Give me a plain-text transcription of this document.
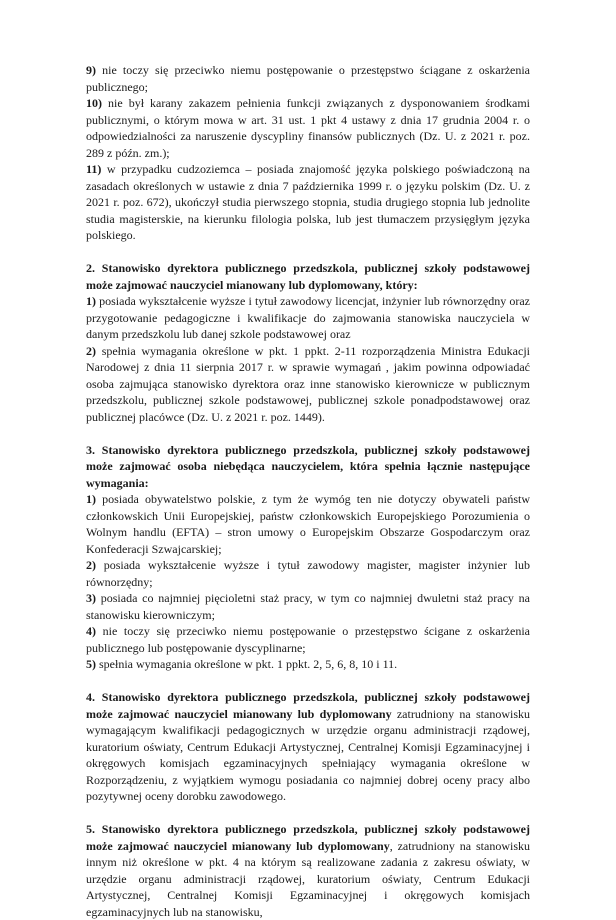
9) nie toczy się przeciwko niemu postępowanie o przestępstwo ściągane z oskarżenia publicznego;

10) nie był karany zakazem pełnienia funkcji związanych z dysponowaniem środkami publicznymi, o którym mowa w art. 31 ust. 1 pkt 4 ustawy z dnia 17 grudnia 2004 r. o odpowiedzialności za naruszenie dyscypliny finansów publicznych (Dz. U. z 2021 r. poz. 289 z późn. zm.);

11) w przypadku cudzoziemca – posiada znajomość języka polskiego poświadczoną na zasadach określonych w ustawie z dnia 7 października 1999 r. o języku polskim (Dz. U. z 2021 r. poz. 672), ukończył studia pierwszego stopnia, studia drugiego stopnia lub jednolite studia magisterskie, na kierunku filologia polska, lub jest tłumaczem przysięgłym języka polskiego.

2. Stanowisko dyrektora publicznego przedszkola, publicznej szkoły podstawowej może zajmować nauczyciel mianowany lub dyplomowany, który:

1) posiada wykształcenie wyższe i tytuł zawodowy licencjat, inżynier lub równorzędny oraz przygotowanie pedagogiczne i kwalifikacje do zajmowania stanowiska nauczyciela w danym przedszkolu lub danej szkole podstawowej oraz

2) spełnia wymagania określone w pkt. 1 ppkt. 2-11 rozporządzenia Ministra Edukacji Narodowej z dnia 11 sierpnia 2017 r. w sprawie wymagań , jakim powinna odpowiadać osoba zajmująca stanowisko dyrektora oraz inne stanowisko kierownicze w publicznym przedszkolu, publicznej szkole podstawowej, publicznej szkole ponadpodstawowej oraz publicznej placówce (Dz. U. z 2021 r. poz. 1449).

3. Stanowisko dyrektora publicznego przedszkola, publicznej szkoły podstawowej może zajmować osoba niebędąca nauczycielem, która spełnia łącznie następujące wymagania:

1) posiada obywatelstwo polskie, z tym że wymóg ten nie dotyczy obywateli państw członkowskich Unii Europejskiej, państw członkowskich Europejskiego Porozumienia o Wolnym handlu (EFTA) – stron umowy o Europejskim Obszarze Gospodarczym oraz Konfederacji Szwajcarskiej;

2) posiada wykształcenie wyższe i tytuł zawodowy magister, magister inżynier lub równorzędny;

3) posiada co najmniej pięcioletni staż pracy, w tym co najmniej dwuletni staż pracy na stanowisku kierowniczym;

4) nie toczy się przeciwko niemu postępowanie o przestępstwo ścigane z oskarżenia publicznego lub postępowanie dyscyplinarne;

5) spełnia wymagania określone w pkt. 1 ppkt. 2, 5, 6, 8, 10 i 11.

4. Stanowisko dyrektora publicznego przedszkola, publicznej szkoły podstawowej może zajmować nauczyciel mianowany lub dyplomowany zatrudniony na stanowisku wymagającym kwalifikacji pedagogicznych w urzędzie organu administracji rządowej, kuratorium oświaty, Centrum Edukacji Artystycznej, Centralnej Komisji Egzaminacyjnej i okręgowych komisjach egzaminacyjnych spełniający wymagania określone w Rozporządzeniu, z wyjątkiem wymogu posiadania co najmniej dobrej oceny pracy albo pozytywnej oceny dorobku zawodowego.

5. Stanowisko dyrektora publicznego przedszkola, publicznej szkoły podstawowej może zajmować nauczyciel mianowany lub dyplomowany, zatrudniony na stanowisku innym niż określone w pkt. 4 na którym są realizowane zadania z zakresu oświaty, w urzędzie organu administracji rządowej, kuratorium oświaty, Centrum Edukacji Artystycznej, Centralnej Komisji Egzaminacyjnej i okręgowych komisjach egzaminacyjnych lub na stanowisku,
